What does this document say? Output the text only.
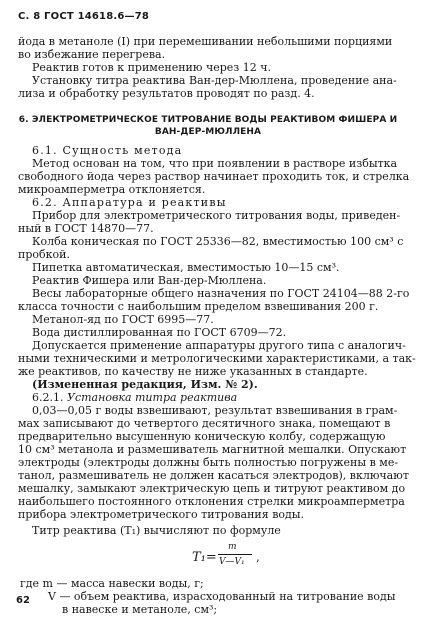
С. 8 ГОСТ 14618.6—78
йода в метаноле (I) при перемешивании небольшими порциями
во избежание перегрева.
Реактив готов к применению через 12 ч.
Установку титра реактива Ван-дер-Мюллена, проведение ана-
лиза и обработку результатов проводят по разд. 4.
6. ЭЛЕКТРОМЕТРИЧЕСКОЕ ТИТРОВАНИЕ ВОДЫ РЕАКТИВОМ ФИШЕРА И
ВАН-ДЕР-МЮЛЛЕНА
6.1. Сущность метода
Метод основан на том, что при появлении в растворе избытка
свободного йода через раствор начинает проходить ток, и стрелка
микроамперметра отклоняется.
6.2. Аппаратура и реактивы
Прибор для электрометрического титрования воды, приведен-
ный в ГОСТ 14870—77.
Колба коническая по ГОСТ 25336—82, вместимостью 100 см³ с
пробкой.
Пипетка автоматическая, вместимостью 10—15 см³.
Реактив Фишера или Ван-дер-Мюллена.
Весы лабораторные общего назначения по ГОСТ 24104—88 2-го
класса точности с наибольшим пределом взвешивания 200 г.
Метанол-яд по ГОСТ 6995—77.
Вода дистиллированная по ГОСТ 6709—72.
Допускается применение аппаратуры другого типа с аналогич-
ными техническими и метрологическими характеристиками, а так-
же реактивов, по качеству не ниже указанных в стандарте.
(Измененная редакция, Изм. № 2).
6.2.1. Установка титра реактива
0,03—0,05 г воды взвешивают, результат взвешивания в грам-
мах записывают до четвертого десятичного знака, помещают в
предварительно высушенную коническую колбу, содержащую
10 см³ метанола и размешиватель магнитной мешалки. Опускают
электроды (электроды должны быть полностью погружены в ме-
танол, размешиватель не должен касаться электродов), включают
мешалку, замыкают электрическую цепь и титруют реактивом до
наибольшего постоянного отклонения стрелки микроамперметра
прибора электрометрического титрования воды.
Титр реактива (T₁) вычисляют по формуле
T₁=
m
V—V₁ ,
где m — масса навески воды, г;
V — объем реактива, израсходованный на титрование воды
в навеске и метаноле, см³;
62
